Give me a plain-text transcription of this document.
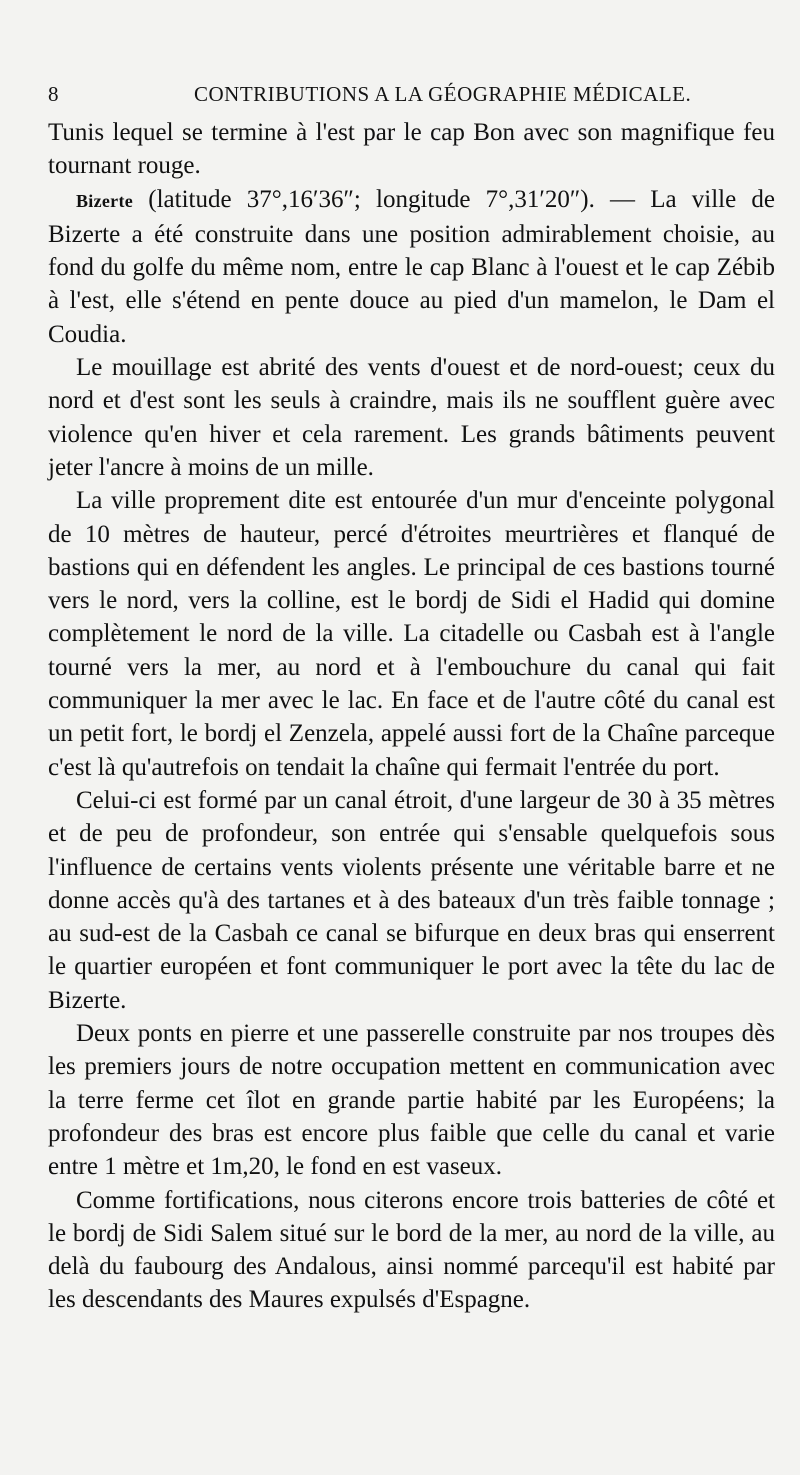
8	CONTRIBUTIONS A LA GÉOGRAPHIE MÉDICALE.

Tunis lequel se termine à l'est par le cap Bon avec son magnifique feu tournant rouge.

Bizerte (latitude 37°,16′36″; longitude 7°,31′20″). — La ville de Bizerte a été construite dans une position admirablement choisie, au fond du golfe du même nom, entre le cap Blanc à l'ouest et le cap Zébib à l'est, elle s'étend en pente douce au pied d'un mamelon, le Dam el Coudia.

Le mouillage est abrité des vents d'ouest et de nord-ouest; ceux du nord et d'est sont les seuls à craindre, mais ils ne soufflent guère avec violence qu'en hiver et cela rarement. Les grands bâtiments peuvent jeter l'ancre à moins de un mille.

La ville proprement dite est entourée d'un mur d'enceinte polygonal de 10 mètres de hauteur, percé d'étroites meurtrières et flanqué de bastions qui en défendent les angles. Le principal de ces bastions tourné vers le nord, vers la colline, est le bordj de Sidi el Hadid qui domine complètement le nord de la ville. La citadelle ou Casbah est à l'angle tourné vers la mer, au nord et à l'embouchure du canal qui fait communiquer la mer avec le lac. En face et de l'autre côté du canal est un petit fort, le bordj el Zenzela, appelé aussi fort de la Chaîne parceque c'est là qu'autrefois on tendait la chaîne qui fermait l'entrée du port.

Celui-ci est formé par un canal étroit, d'une largeur de 30 à 35 mètres et de peu de profondeur, son entrée qui s'ensable quelquefois sous l'influence de certains vents violents présente une véritable barre et ne donne accès qu'à des tartanes et à des bateaux d'un très faible tonnage ; au sud-est de la Casbah ce canal se bifurque en deux bras qui enserrent le quartier européen et font communiquer le port avec la tête du lac de Bizerte.

Deux ponts en pierre et une passerelle construite par nos troupes dès les premiers jours de notre occupation mettent en communication avec la terre ferme cet îlot en grande partie habité par les Européens; la profondeur des bras est encore plus faible que celle du canal et varie entre 1 mètre et 1m,20, le fond en est vaseux.

Comme fortifications, nous citerons encore trois batteries de côté et le bordj de Sidi Salem situé sur le bord de la mer, au nord de la ville, au delà du faubourg des Andalous, ainsi nommé parcequ'il est habité par les descendants des Maures expulsés d'Espagne.
